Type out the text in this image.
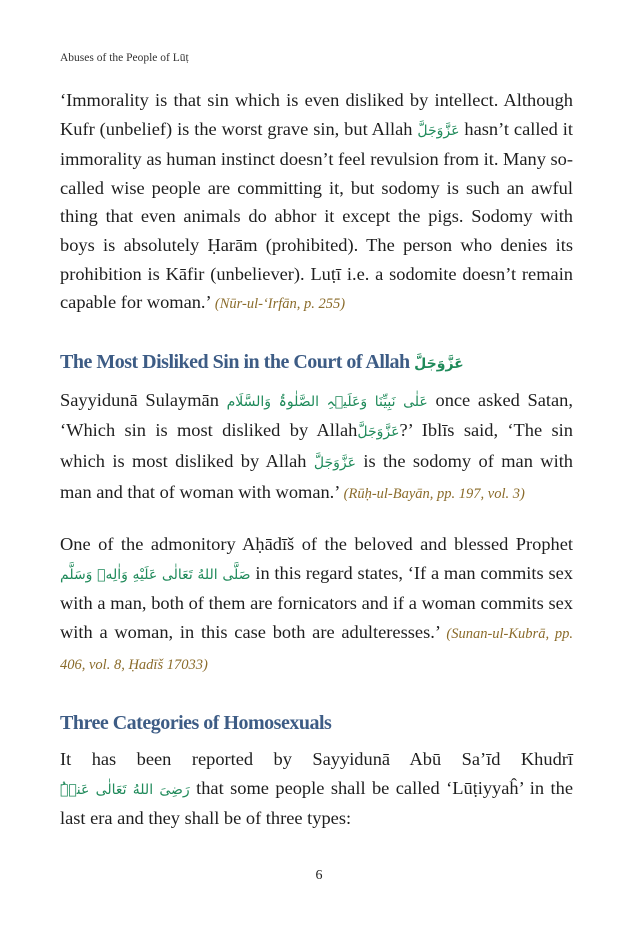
Abuses of the People of Lūṭ

‘Immorality is that sin which is even disliked by intellect. Although Kufr (unbelief) is the worst grave sin, but Allah عَزَّوَجَلَّ hasn’t called it immorality as human instinct doesn’t feel revulsion from it. Many so-called wise people are committing it, but sodomy is such an awful thing that even animals do abhor it except the pigs. Sodomy with boys is absolutely Ḥarām (prohibited). The person who denies its prohibition is Kāfir (unbeliever). Luṭī i.e. a sodomite doesn’t remain capable for woman.’ (Nūr-ul-‘Irfān, p. 255)

The Most Disliked Sin in the Court of Allah عَزَّوَجَلَّ

Sayyidunā Sulaymān عَلٰی نَبِیِّنَا وَعَلَیۡہِ الصَّلٰوۃُ وَالسَّلَام once asked Satan, ‘Which sin is most disliked by Allahعَزَّوَجَلَّ?’ Iblīs said, ‘The sin which is most disliked by Allah عَزَّوَجَلَّ is the sodomy of man with man and that of woman with woman.’ (Rūḥ-ul-Bayān, pp. 197, vol. 3)

One of the admonitory Aḥādīš of the beloved and blessed Prophet صَلَّى اللهُ تَعَالٰى عَلَيْهِ وَاٰلِهٖ وَسَلَّم in this regard states, ‘If a man commits sex with a man, both of them are fornicators and if a woman commits sex with a woman, in this case both are adulteresses.’ (Sunan-ul-Kubrā, pp. 406, vol. 8, Ḥadīš 17033)

Three Categories of Homosexuals

It has been reported by Sayyidunā Abū Sa’īd Khudrī رَضِیَ اللهُ تَعَالٰی عَنۡہُ that some people shall be called ‘Lūṭiyyaĥ’ in the last era and they shall be of three types:

6
